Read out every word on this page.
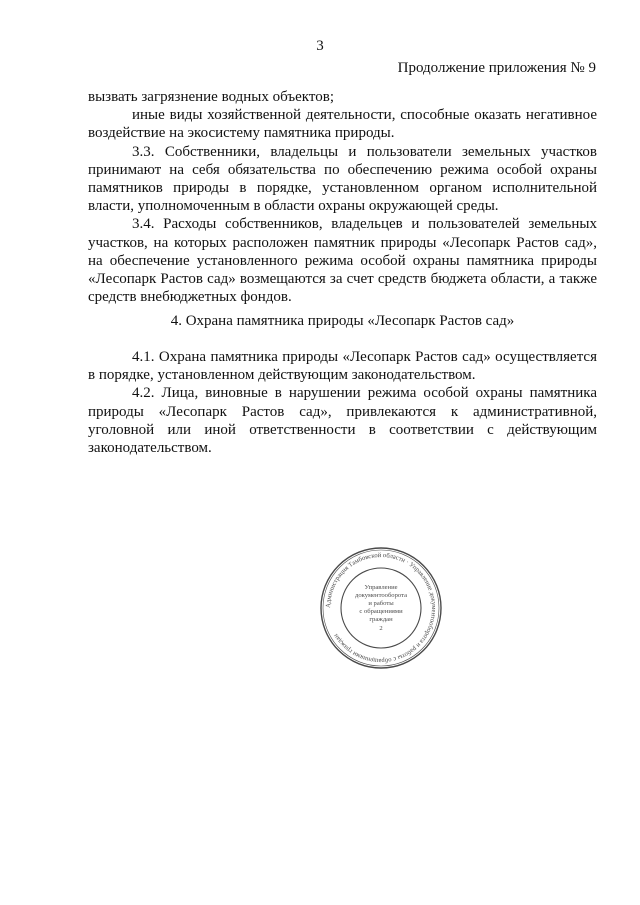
3
Продолжение приложения № 9

вызвать загрязнение водных объектов;

иные виды хозяйственной деятельности, способные оказать негативное воздействие на экосистему памятника природы.

3.3. Собственники, владельцы и пользователи земельных участков принимают на себя обязательства по обеспечению режима особой охраны памятников природы в порядке, установленном органом исполнительной власти, уполномоченным в области охраны окружающей среды.

3.4. Расходы собственников, владельцев и пользователей земельных участков, на которых расположен памятник природы «Лесопарк Растов сад», на обеспечение установленного режима особой охраны памятника природы «Лесопарк Растов сад» возмещаются за счет средств бюджета области, а также средств внебюджетных фондов.

4. Охрана памятника природы «Лесопарк Растов сад»

4.1. Охрана памятника природы «Лесопарк Растов сад» осуществляется в порядке, установленном действующим законодательством.

4.2. Лица, виновные в нарушении режима особой охраны памятника природы «Лесопарк Растов сад», привлекаются к административной, уголовной или иной ответственности в соответствии с действующим законодательством.

Администрация Тамбовской области · Управление документооборота и работы с обращениями граждан
Управление
документооборота
и работы
с обращениями
граждан
2
